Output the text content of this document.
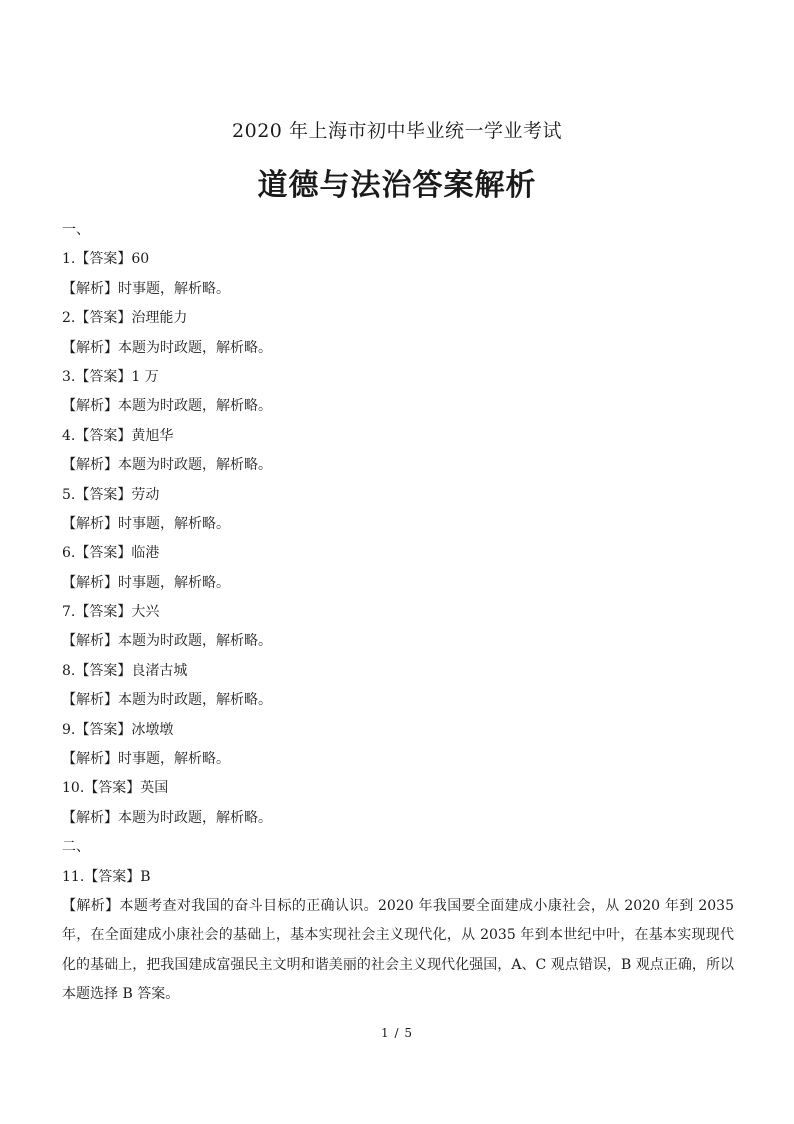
2020 年上海市初中毕业统一学业考试
道德与法治答案解析
一、
1.【答案】60
【解析】时事题，解析略。
2.【答案】治理能力
【解析】本题为时政题，解析略。
3.【答案】1 万
【解析】本题为时政题，解析略。
4.【答案】黄旭华
【解析】本题为时政题，解析略。
5.【答案】劳动
【解析】时事题，解析略。
6.【答案】临港
【解析】时事题，解析略。
7.【答案】大兴
【解析】本题为时政题，解析略。
8.【答案】良渚古城
【解析】本题为时政题，解析略。
9.【答案】冰墩墩
【解析】时事题，解析略。
10.【答案】英国
【解析】本题为时政题，解析略。
二、
11.【答案】B
【解析】本题考查对我国的奋斗目标的正确认识。2020 年我国要全面建成小康社会，从 2020 年到 2035 年，在全面建成小康社会的基础上，基本实现社会主义现代化，从 2035 年到本世纪中叶，在基本实现现代化的基础上，把我国建成富强民主文明和谐美丽的社会主义现代化强国，A、C 观点错误，B 观点正确，所以本题选择 B 答案。
1 / 5
